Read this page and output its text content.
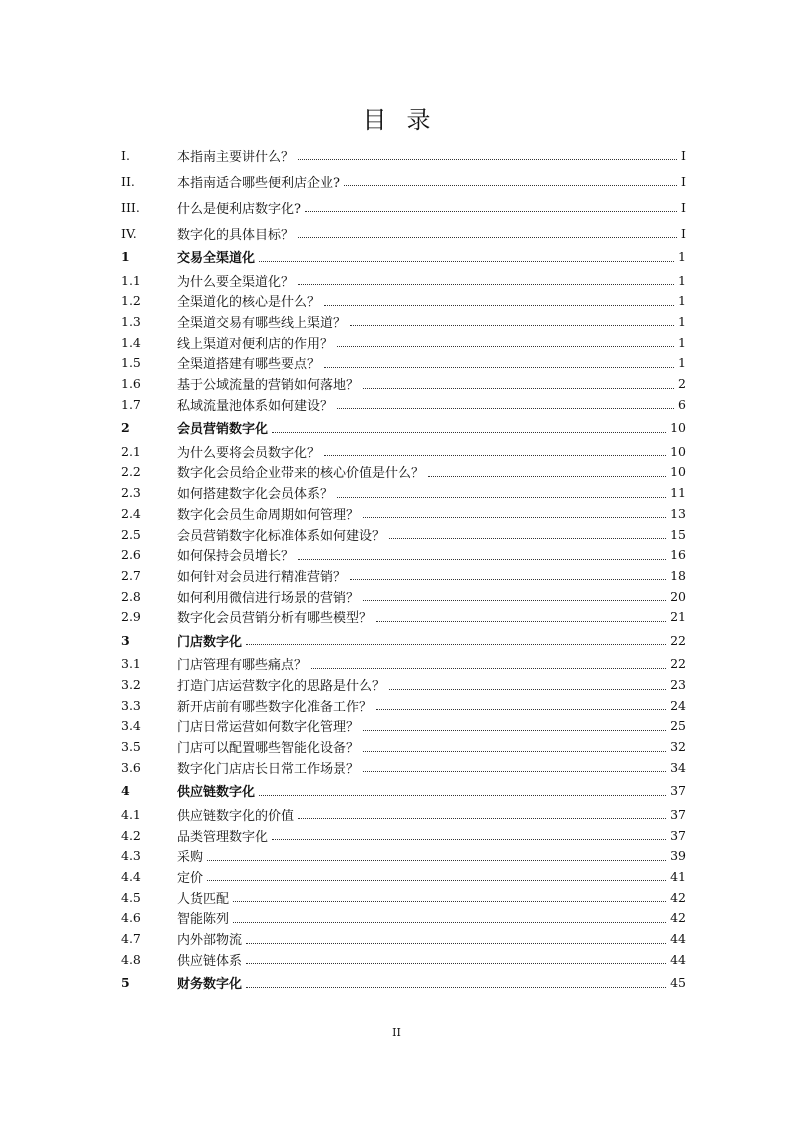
目 录
I.	本指南主要讲什么？	I
II.	本指南适合哪些便利店企业?	I
III.	什么是便利店数字化?	I
IV.	数字化的具体目标？	I
1	交易全渠道化	1
1.1	为什么要全渠道化？	1
1.2	全渠道化的核心是什么？	1
1.3	全渠道交易有哪些线上渠道？	1
1.4	线上渠道对便利店的作用？	1
1.5	全渠道搭建有哪些要点？	1
1.6	基于公域流量的营销如何落地？	2
1.7	私域流量池体系如何建设？	6
2	会员营销数字化	10
2.1	为什么要将会员数字化？	10
2.2	数字化会员给企业带来的核心价值是什么？	10
2.3	如何搭建数字化会员体系？	11
2.4	数字化会员生命周期如何管理？	13
2.5	会员营销数字化标准体系如何建设？	15
2.6	如何保持会员增长？	16
2.7	如何针对会员进行精准营销？	18
2.8	如何利用微信进行场景的营销？	20
2.9	数字化会员营销分析有哪些模型？	21
3	门店数字化	22
3.1	门店管理有哪些痛点？	22
3.2	打造门店运营数字化的思路是什么？	23
3.3	新开店前有哪些数字化准备工作？	24
3.4	门店日常运营如何数字化管理？	25
3.5	门店可以配置哪些智能化设备？	32
3.6	数字化门店店长日常工作场景？	34
4	供应链数字化	37
4.1	供应链数字化的价值	37
4.2	品类管理数字化	37
4.3	采购	39
4.4	定价	41
4.5	人货匹配	42
4.6	智能陈列	42
4.7	内外部物流	44
4.8	供应链体系	44
5	财务数字化	45
II
